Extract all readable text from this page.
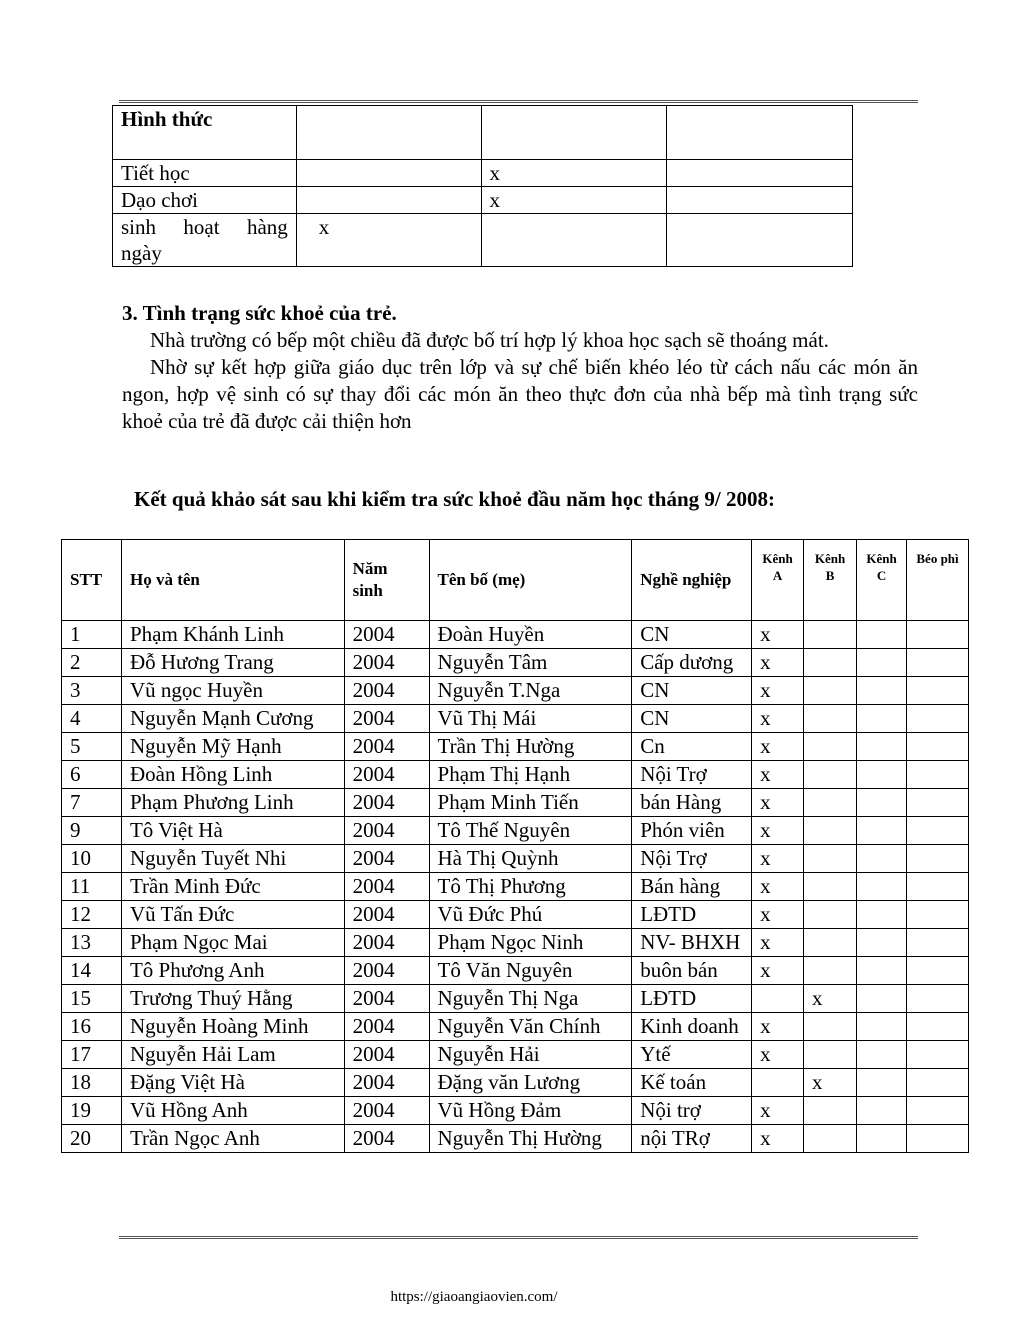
Hình thức			
Tiết học		x	
Dạo chơi		x	
sinh hoạt hàng ngày	x		

3. Tình trạng sức khoẻ của trẻ.

Nhà trường có bếp một chiều đã được bố trí hợp lý khoa học sạch sẽ thoáng mát.

Nhờ sự kết hợp giữa giáo dục trên lớp và sự chế biến khéo léo từ cách nấu các món ăn ngon, hợp vệ sinh có sự thay đổi các món ăn theo thực đơn của nhà bếp mà tình trạng sức khoẻ của trẻ đã được cải thiện hơn

Kết quả khảo sát sau khi kiểm tra sức khoẻ đầu năm học tháng 9/ 2008:

STT	Họ và tên	Năm sinh	Tên bố (mẹ)	Nghề nghiệp	Kênh A	Kênh B	Kênh C	Béo phì
1	Phạm Khánh Linh	2004	Đoàn Huyền	CN	x			
2	Đỗ Hương Trang	2004	Nguyễn Tâm	Cấp dương	x			
3	Vũ ngọc Huyền	2004	Nguyễn T.Nga	CN	x			
4	Nguyễn Mạnh Cương	2004	Vũ Thị Mái	CN	x			
5	Nguyễn Mỹ Hạnh	2004	Trần Thị Hường	Cn	x			
6	Đoàn Hồng Linh	2004	Phạm Thị Hạnh	Nội Trợ	x			
7	Phạm Phương Linh	2004	Phạm Minh Tiến	bán Hàng	x			
9	Tô Việt Hà	2004	Tô Thế Nguyên	Phón viên	x			
10	Nguyễn Tuyết Nhi	2004	Hà Thị Quỳnh	Nội Trợ	x			
11	Trần Minh Đức	2004	Tô Thị Phương	Bán hàng	x			
12	Vũ Tấn Đức	2004	Vũ Đức Phú	LĐTD	x			
13	Phạm Ngọc Mai	2004	Phạm Ngọc Ninh	NV- BHXH	x			
14	Tô Phương Anh	2004	Tô Văn Nguyên	buôn bán	x			
15	Trương Thuý Hằng	2004	Nguyễn Thị Nga	LĐTD		x		
16	Nguyễn Hoàng Minh	2004	Nguyễn Văn Chính	Kinh doanh	x			
17	Nguyễn Hải Lam	2004	Nguyễn Hải	Ytế	x			
18	Đặng Việt Hà	2004	Đặng văn Lương	Kế toán		x		
19	Vũ Hồng Anh	2004	Vũ Hồng Đảm	Nội trợ	x			
20	Trần Ngọc Anh	2004	Nguyễn Thị Hường	nội TRợ	x			

https://giaoangiaovien.com/
